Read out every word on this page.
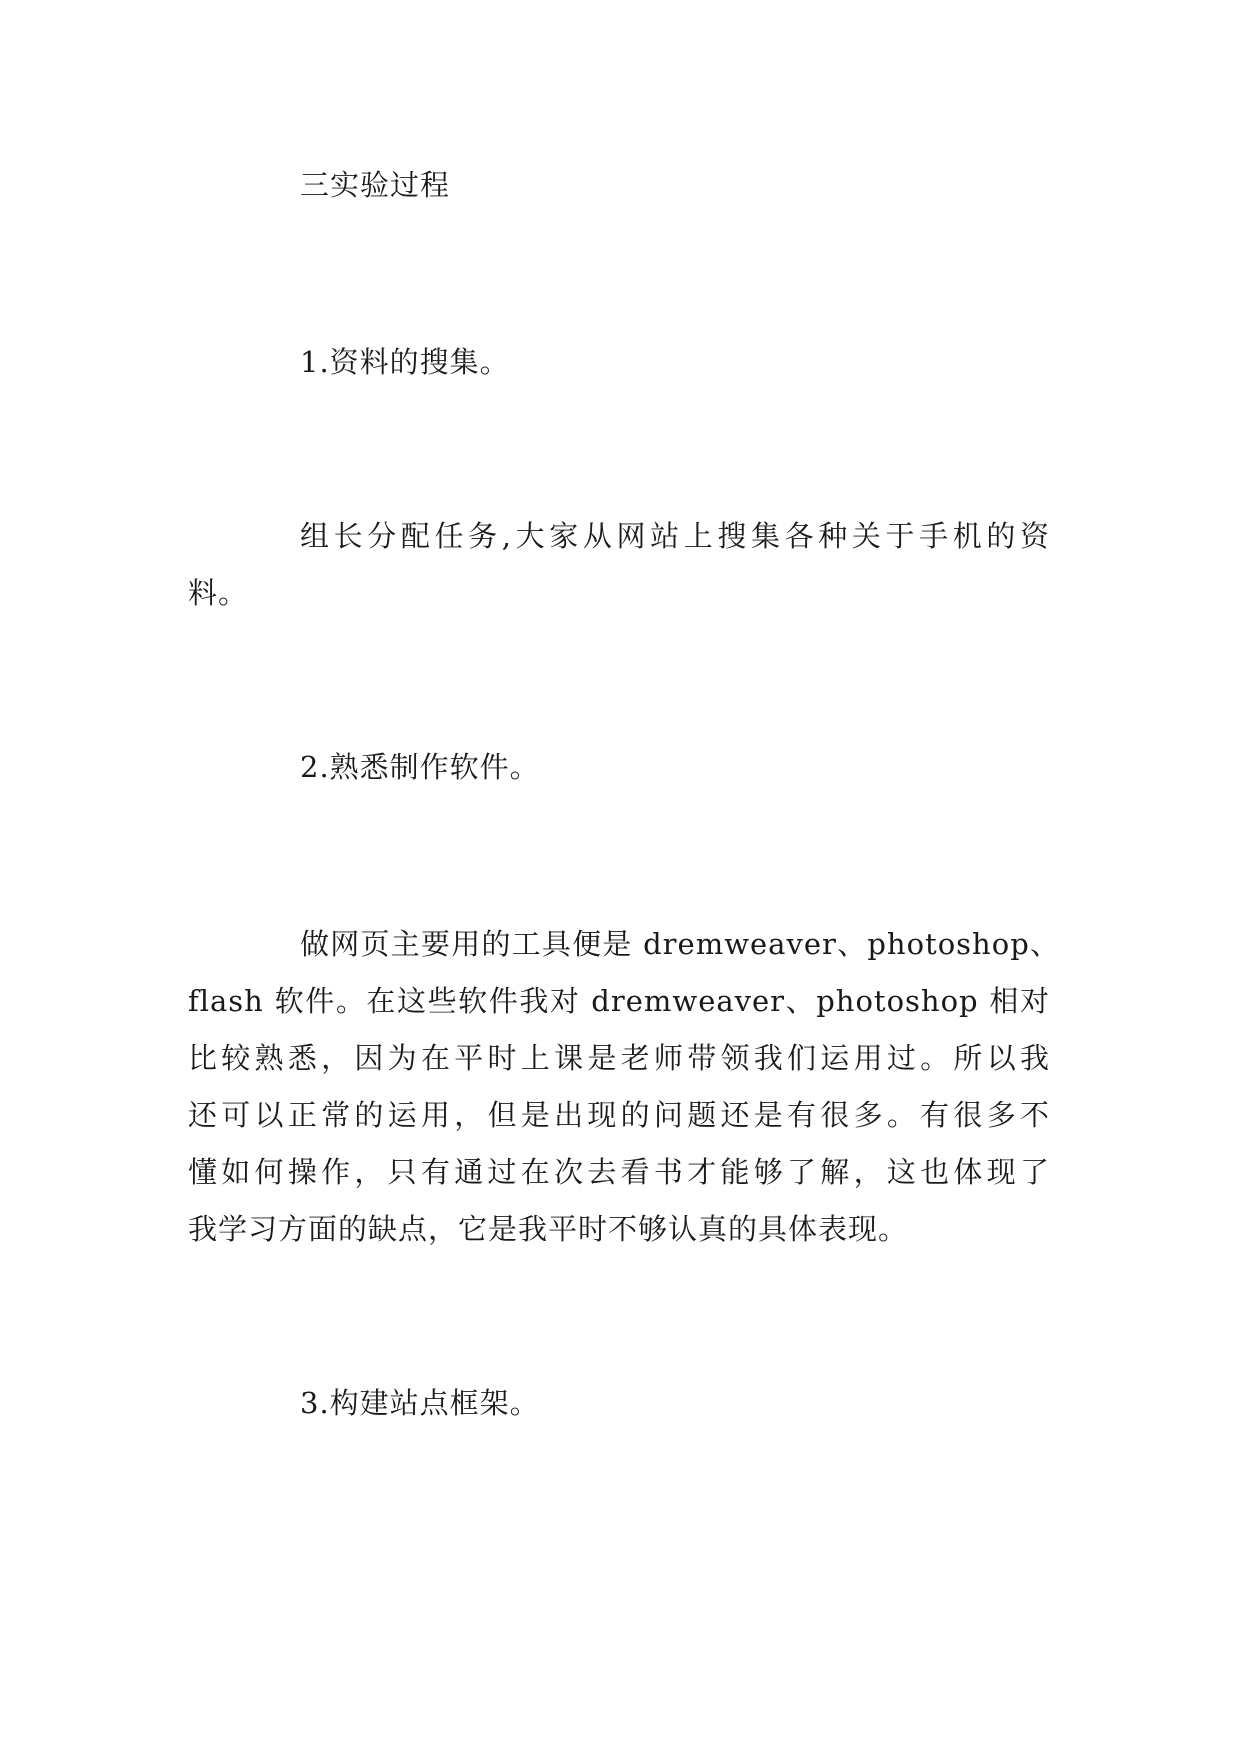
三实验过程
1.资料的搜集。
组长分配任务,大家从网站上搜集各种关于手机的资
料。
2.熟悉制作软件。
做网页主要用的工具便是 dremweaver、photoshop、
flash 软件。在这些软件我对 dremweaver、photoshop 相对
比较熟悉，因为在平时上课是老师带领我们运用过。所以我
还可以正常的运用，但是出现的问题还是有很多。有很多不
懂如何操作，只有通过在次去看书才能够了解，这也体现了
我学习方面的缺点，它是我平时不够认真的具体表现。
3.构建站点框架。
